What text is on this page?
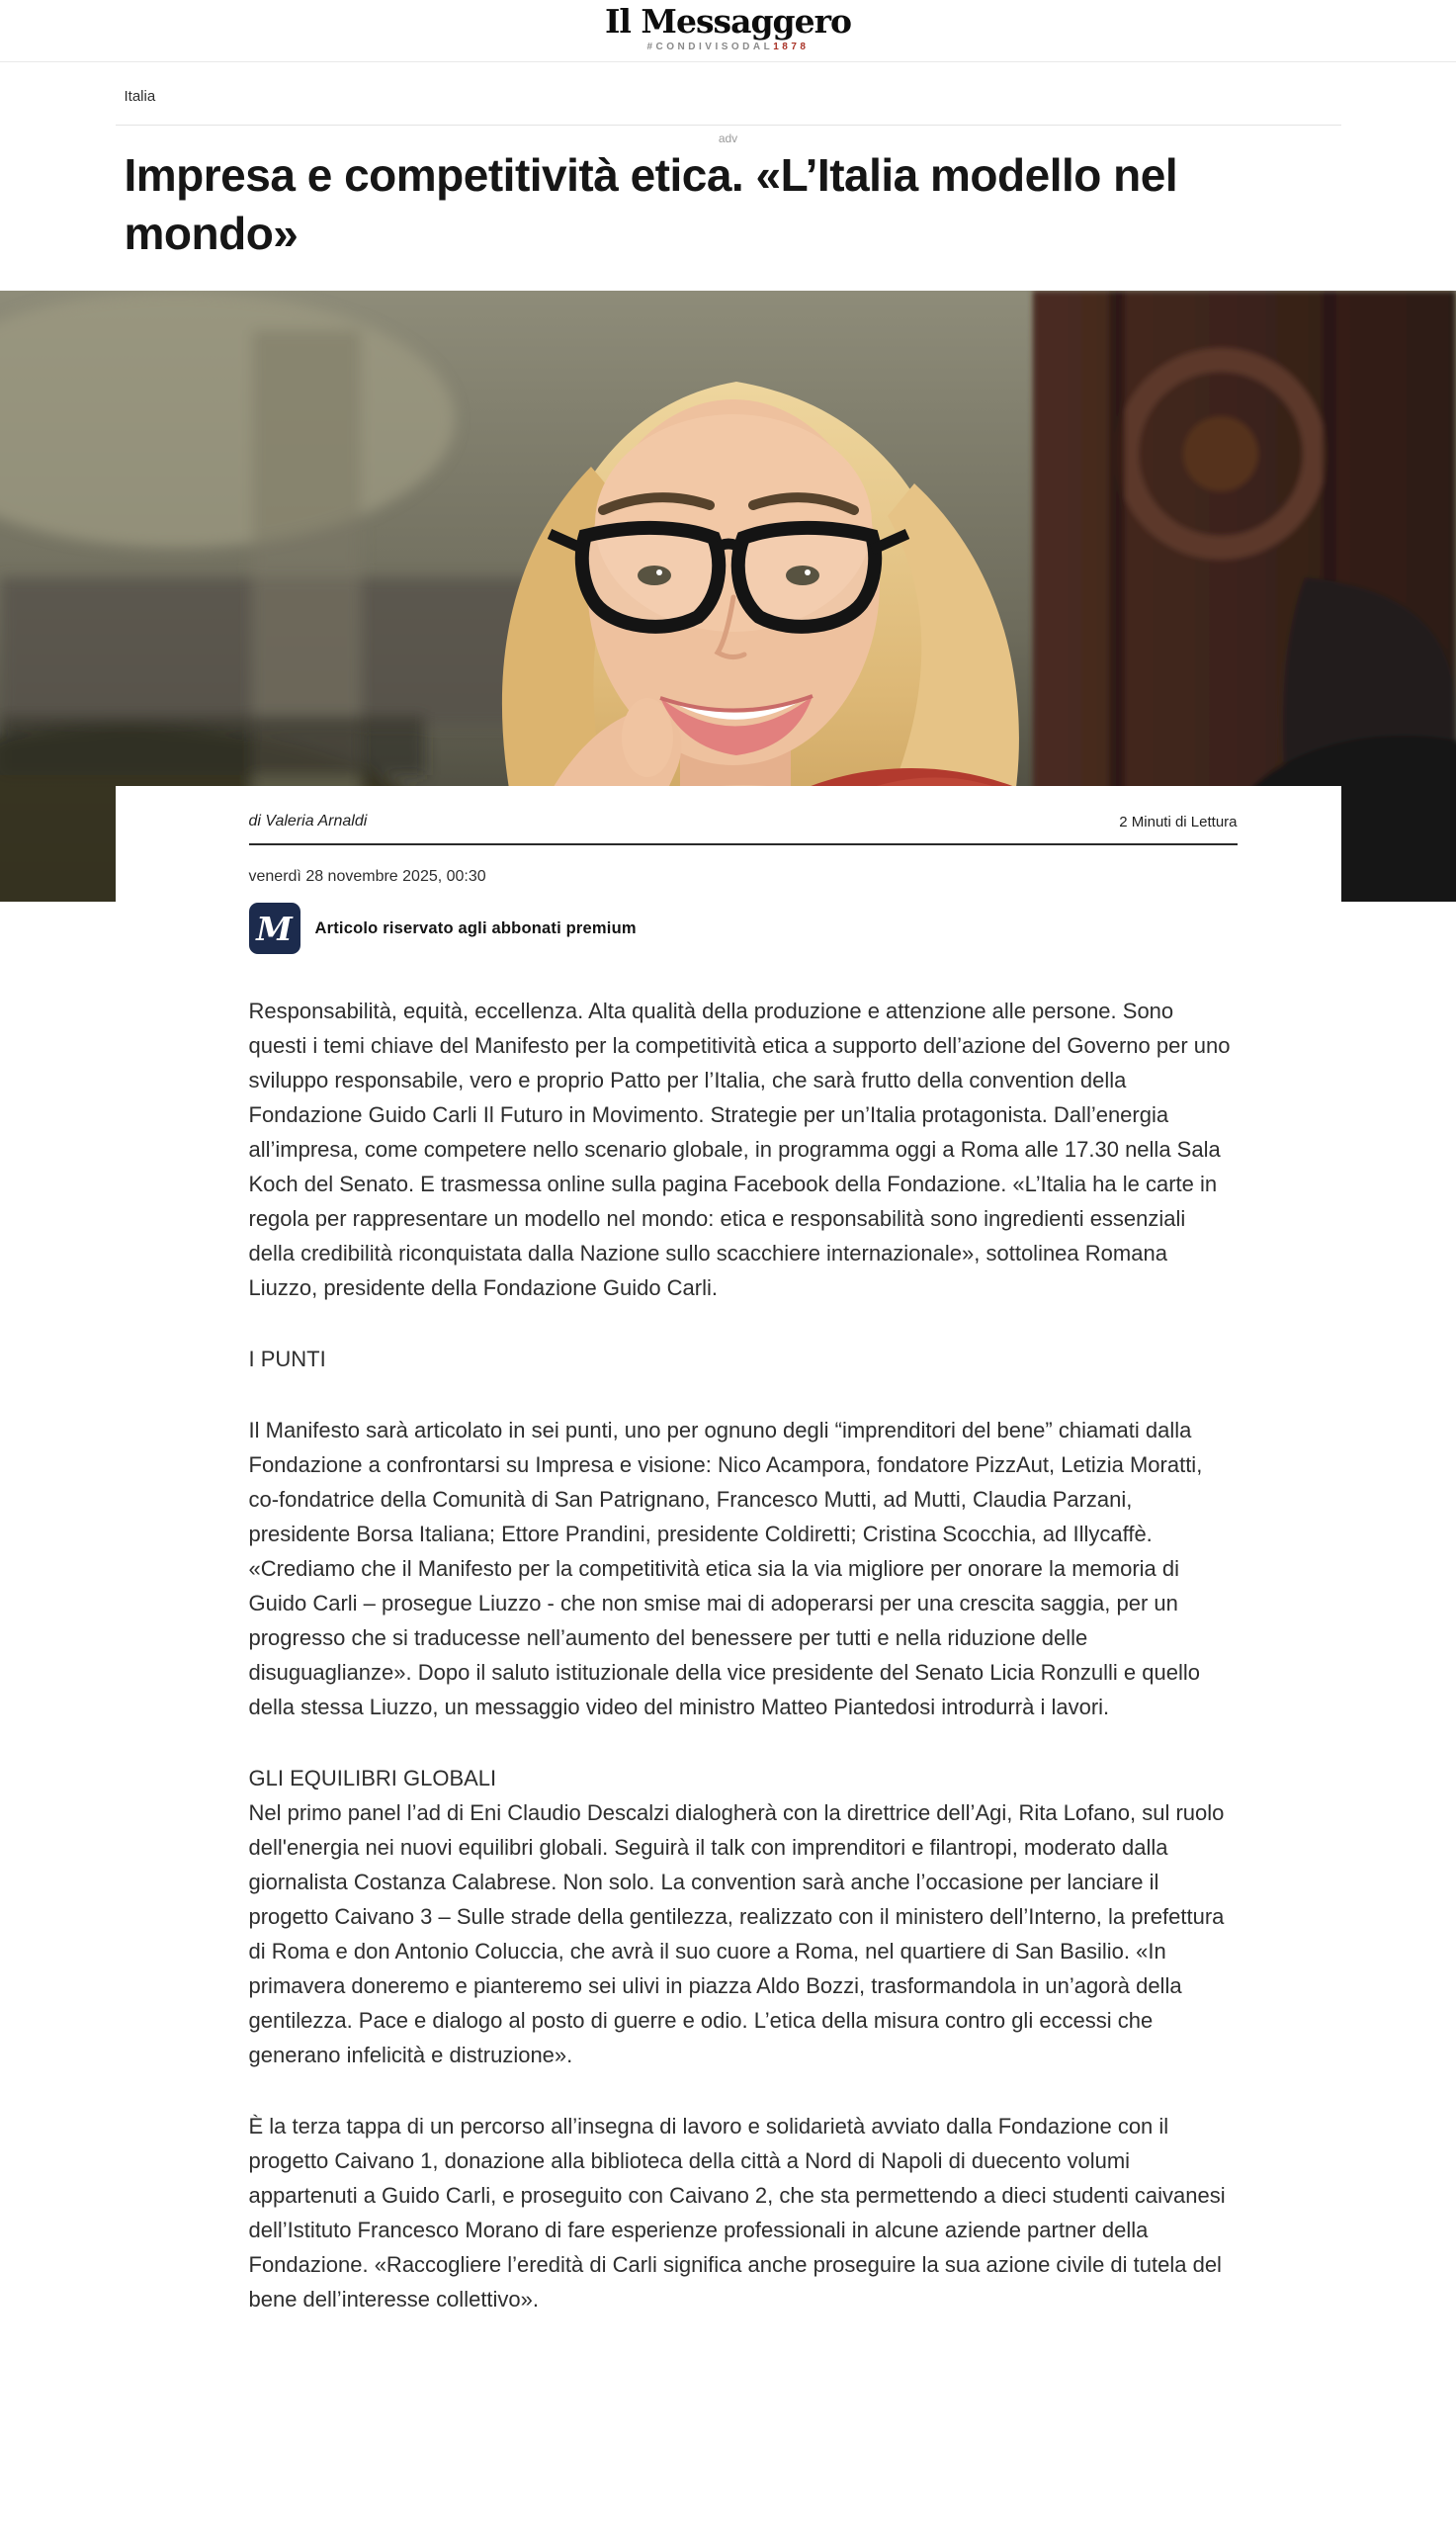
Il Messaggero
#CONDIVISODAL1878
Italia
adv
Impresa e competitività etica. «L’Italia modello nel mondo»
di Valeria Arnaldi	2 Minuti di Lettura
venerdì 28 novembre 2025, 00:30
M Articolo riservato agli abbonati premium

Responsabilità, equità, eccellenza. Alta qualità della produzione e attenzione alle persone. Sono questi i temi chiave del Manifesto per la competitività etica a supporto dell’azione del Governo per uno sviluppo responsabile, vero e proprio Patto per l’Italia, che sarà frutto della convention della Fondazione Guido Carli Il Futuro in Movimento. Strategie per un’Italia protagonista. Dall’energia all’impresa, come competere nello scenario globale, in programma oggi a Roma alle 17.30 nella Sala Koch del Senato. E trasmessa online sulla pagina Facebook della Fondazione. «L’Italia ha le carte in regola per rappresentare un modello nel mondo: etica e responsabilità sono ingredienti essenziali della credibilità riconquistata dalla Nazione sullo scacchiere internazionale», sottolinea Romana Liuzzo, presidente della Fondazione Guido Carli.

I PUNTI

Il Manifesto sarà articolato in sei punti, uno per ognuno degli “imprenditori del bene” chiamati dalla Fondazione a confrontarsi su Impresa e visione: Nico Acampora, fondatore PizzAut, Letizia Moratti, co-fondatrice della Comunità di San Patrignano, Francesco Mutti, ad Mutti, Claudia Parzani, presidente Borsa Italiana; Ettore Prandini, presidente Coldiretti; Cristina Scocchia, ad Illycaffè. «Crediamo che il Manifesto per la competitività etica sia la via migliore per onorare la memoria di Guido Carli – prosegue Liuzzo - che non smise mai di adoperarsi per una crescita saggia, per un progresso che si traducesse nell’aumento del benessere per tutti e nella riduzione delle disuguaglianze». Dopo il saluto istituzionale della vice presidente del Senato Licia Ronzulli e quello della stessa Liuzzo, un messaggio video del ministro Matteo Piantedosi introdurrà i lavori.

GLI EQUILIBRI GLOBALI
Nel primo panel l’ad di Eni Claudio Descalzi dialogherà con la direttrice dell’Agi, Rita Lofano, sul ruolo dell'energia nei nuovi equilibri globali. Seguirà il talk con imprenditori e filantropi, moderato dalla giornalista Costanza Calabrese. Non solo. La convention sarà anche l’occasione per lanciare il progetto Caivano 3 – Sulle strade della gentilezza, realizzato con il ministero dell’Interno, la prefettura di Roma e don Antonio Coluccia, che avrà il suo cuore a Roma, nel quartiere di San Basilio. «In primavera doneremo e pianteremo sei ulivi in piazza Aldo Bozzi, trasformandola in un’agorà della gentilezza. Pace e dialogo al posto di guerre e odio. L’etica della misura contro gli eccessi che generano infelicità e distruzione».

È la terza tappa di un percorso all’insegna di lavoro e solidarietà avviato dalla Fondazione con il progetto Caivano 1, donazione alla biblioteca della città a Nord di Napoli di duecento volumi appartenuti a Guido Carli, e proseguito con Caivano 2, che sta permettendo a dieci studenti caivanesi dell’Istituto Francesco Morano di fare esperienze professionali in alcune aziende partner della Fondazione. «Raccogliere l’eredità di Carli significa anche proseguire la sua azione civile di tutela del bene dell’interesse collettivo».
